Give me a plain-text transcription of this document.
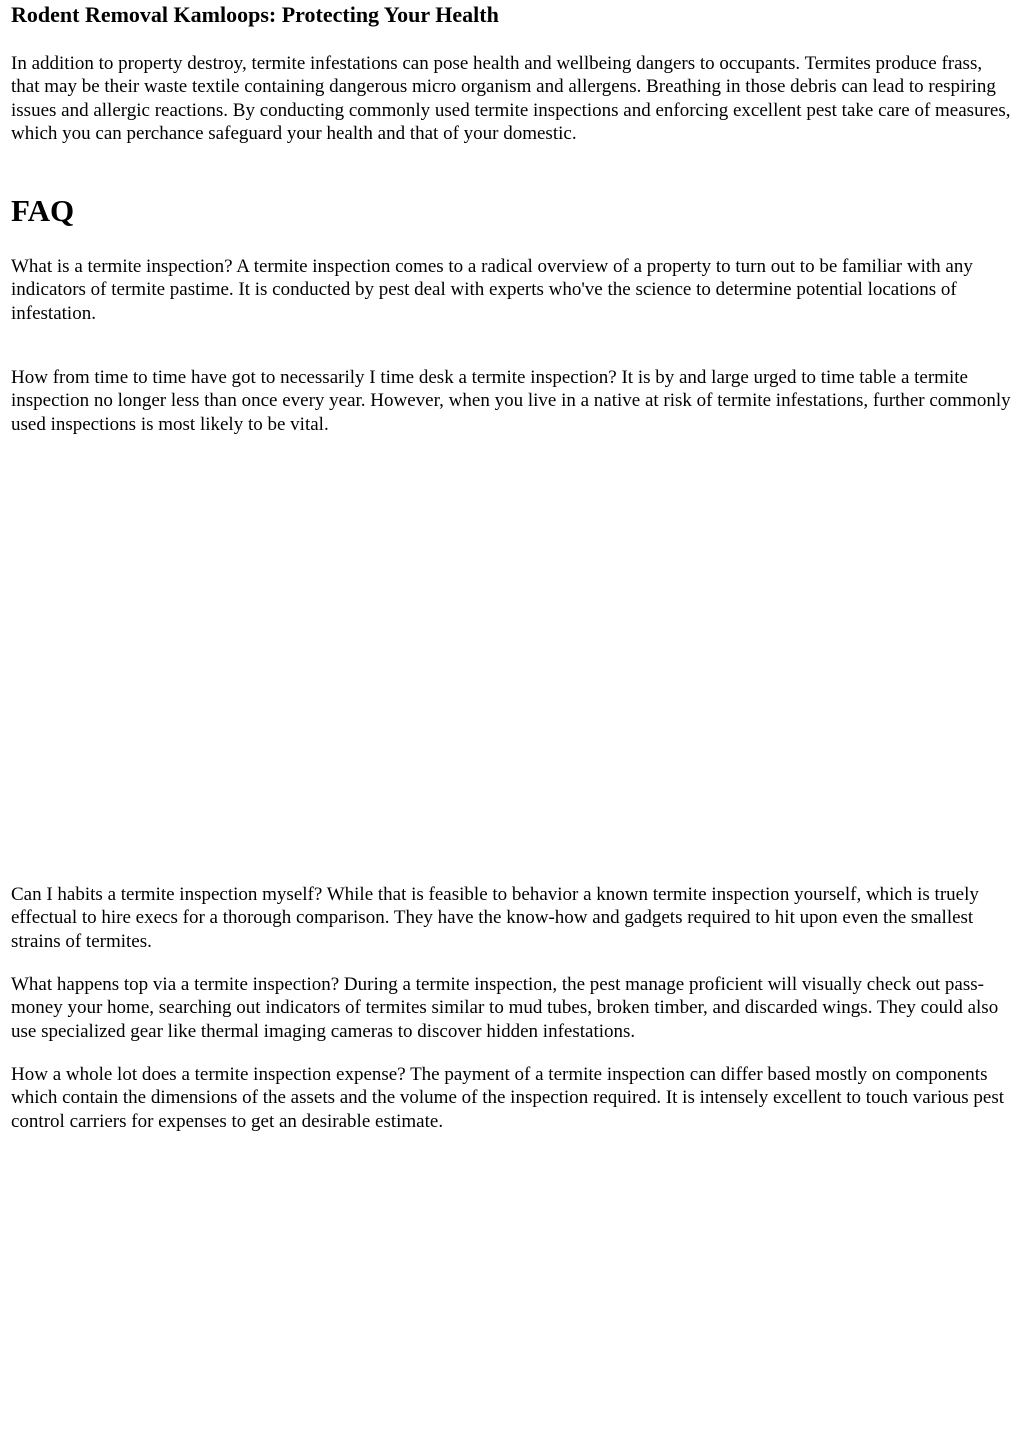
Rodent Removal Kamloops: Protecting Your Health

In addition to property destroy, termite infestations can pose health and wellbeing dangers to occupants. Termites produce frass, that may be their waste textile containing dangerous micro organism and allergens. Breathing in those debris can lead to respiring issues and allergic reactions. By conducting commonly used termite inspections and enforcing excellent pest take care of measures, which you can perchance safeguard your health and that of your domestic.

FAQ

What is a termite inspection? A termite inspection comes to a radical overview of a property to turn out to be familiar with any indicators of termite pastime. It is conducted by pest deal with experts who've the science to determine potential locations of infestation.

How from time to time have got to necessarily I time desk a termite inspection? It is by and large urged to time table a termite inspection no longer less than once every year. However, when you live in a native at risk of termite infestations, further commonly used inspections is most likely to be vital.

Can I habits a termite inspection myself? While that is feasible to behavior a known termite inspection yourself, which is truely effectual to hire execs for a thorough comparison. They have the know-how and gadgets required to hit upon even the smallest strains of termites.

What happens top via a termite inspection? During a termite inspection, the pest manage proficient will visually check out pass-money your home, searching out indicators of termites similar to mud tubes, broken timber, and discarded wings. They could also use specialized gear like thermal imaging cameras to discover hidden infestations.

How a whole lot does a termite inspection expense? The payment of a termite inspection can differ based mostly on components which contain the dimensions of the assets and the volume of the inspection required. It is intensely excellent to touch various pest control carriers for expenses to get an desirable estimate.
